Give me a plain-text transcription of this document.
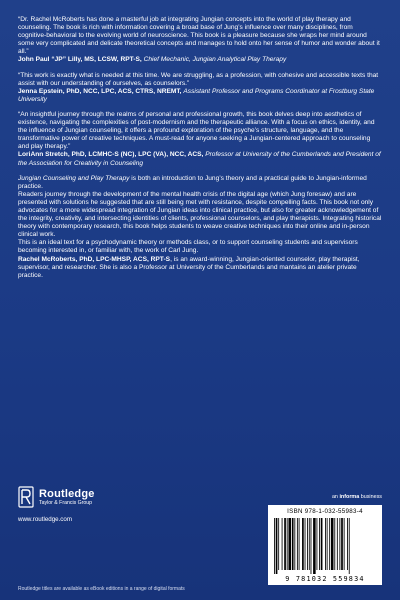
“Dr. Rachel McRoberts has done a masterful job at integrating Jungian concepts into the world of play therapy and counseling. The book is rich with information covering a broad base of Jung’s influence over many disciplines, from cognitive-behavioral to the evolving world of neuroscience. This book is a pleasure because she wraps her mind around some very complicated and delicate theoretical concepts and manages to hold onto her sense of humor and wonder about it all.”

John Paul “JP” Lilly, MS, LCSW, RPT-S, Chief Mechanic, Jungian Analytical Play Therapy

“This work is exactly what is needed at this time. We are struggling, as a profession, with cohesive and accessible texts that assist with our understanding of ourselves, as counselors.”

Jenna Epstein, PhD, NCC, LPC, ACS, CTRS, NREMT, Assistant Professor and Programs Coordinator at Frostburg State University

“An insightful journey through the realms of personal and professional growth, this book delves deep into aesthetics of existence, navigating the complexities of post-modernism and the therapeutic alliance. With a focus on ethics, identity, and the influence of Jungian counseling, it offers a profound exploration of the psyche’s structure, language, and the transformative power of creative techniques. A must-read for anyone seeking a Jungian-centered approach to counseling and play therapy.”

LoriAnn Stretch, PhD, LCMHC-S (NC), LPC (VA), NCC, ACS, Professor at University of the Cumberlands and President of the Association for Creativity in Counseling

Jungian Counseling and Play Therapy is both an introduction to Jung’s theory and a practical guide to Jungian-informed practice.

Readers journey through the development of the mental health crisis of the digital age (which Jung foresaw) and are presented with solutions he suggested that are still being met with resistance, despite compelling facts. This book not only advocates for a more widespread integration of Jungian ideas into clinical practice, but also for greater acknowledgement of the integrity, creativity, and intersecting identities of clients, professional counselors, and play therapists. Integrating historical theory with contemporary research, this book helps students to weave creative techniques into their online and in-person clinical work.

This is an ideal text for a psychodynamic theory or methods class, or to support counseling students and supervisors becoming interested in, or familiar with, the work of Carl Jung.

Rachel McRoberts, PhD, LPC-MHSP, ACS, RPT-S, is an award-winning, Jungian-oriented counselor, play therapist, supervisor, and researcher. She is also a Professor at University of the Cumberlands and mantains an atelier private practice.

Routledge
Taylor & Francis Group
www.routledge.com
an informa business
ISBN 978-1-032-55983-4
9 781032 559834
Routledge titles are available as eBook editions in a range of digital formats
